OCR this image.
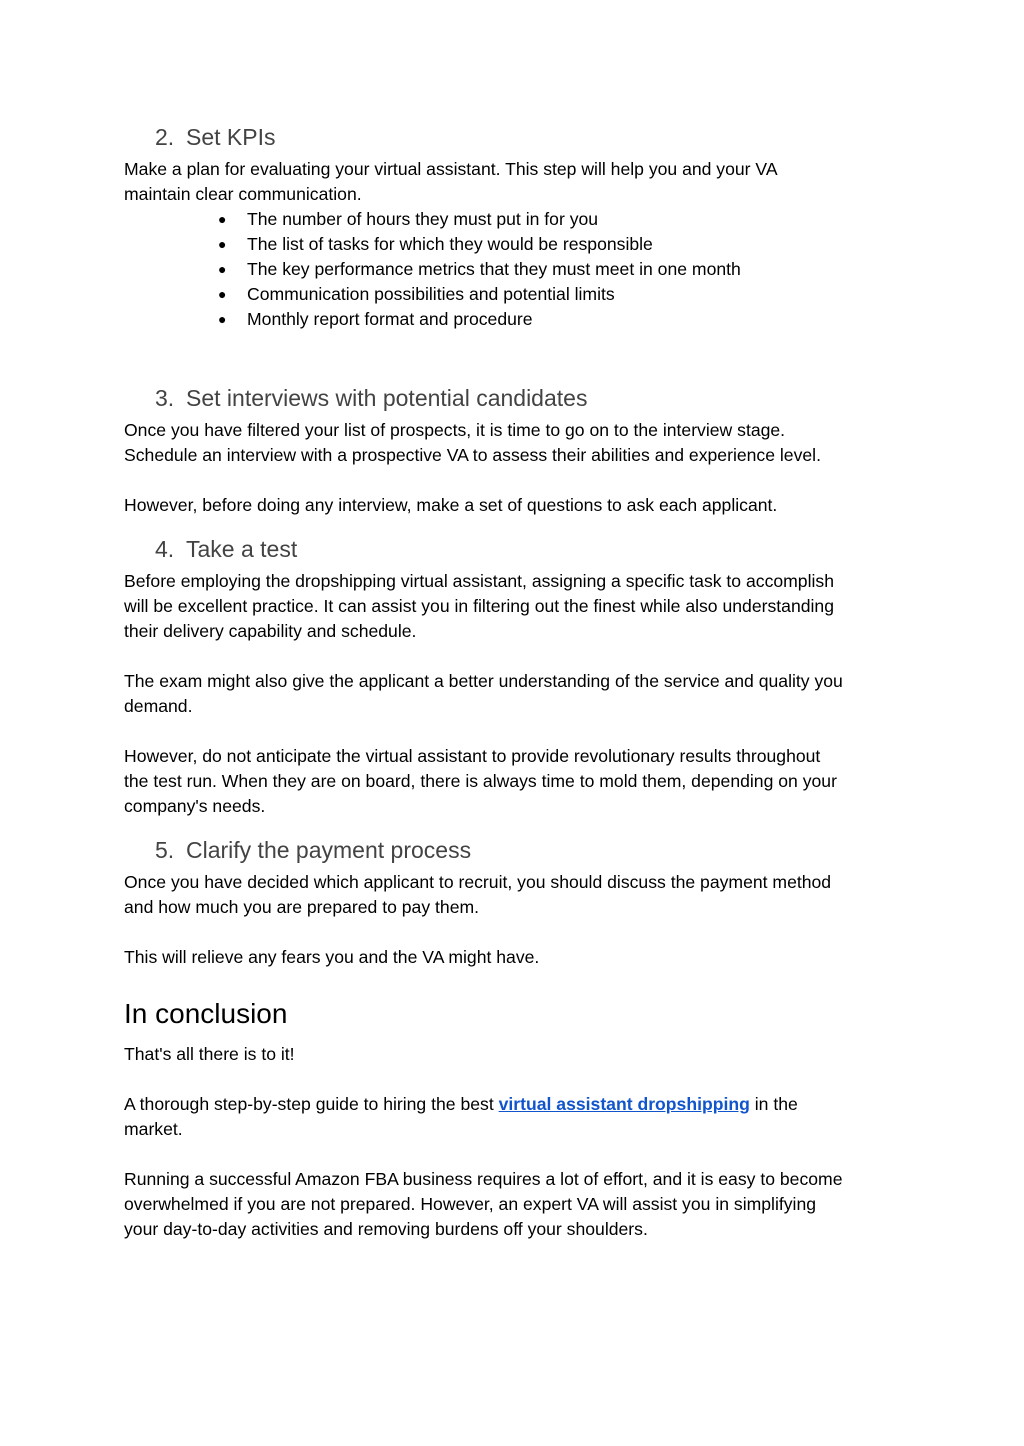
2. Set KPIs
Make a plan for evaluating your virtual assistant. This step will help you and your VA
maintain clear communication.
●	The number of hours they must put in for you
●	The list of tasks for which they would be responsible
●	The key performance metrics that they must meet in one month
●	Communication possibilities and potential limits
●	Monthly report format and procedure
3. Set interviews with potential candidates
Once you have filtered your list of prospects, it is time to go on to the interview stage.
Schedule an interview with a prospective VA to assess their abilities and experience level.
However, before doing any interview, make a set of questions to ask each applicant.
4. Take a test
Before employing the dropshipping virtual assistant, assigning a specific task to accomplish
will be excellent practice. It can assist you in filtering out the finest while also understanding
their delivery capability and schedule.
The exam might also give the applicant a better understanding of the service and quality you
demand.
However, do not anticipate the virtual assistant to provide revolutionary results throughout
the test run. When they are on board, there is always time to mold them, depending on your
company's needs.
5. Clarify the payment process
Once you have decided which applicant to recruit, you should discuss the payment method
and how much you are prepared to pay them.
This will relieve any fears you and the VA might have.
In conclusion
That's all there is to it!
A thorough step-by-step guide to hiring the best virtual assistant dropshipping in the
market.
Running a successful Amazon FBA business requires a lot of effort, and it is easy to become
overwhelmed if you are not prepared. However, an expert VA will assist you in simplifying
your day-to-day activities and removing burdens off your shoulders.
